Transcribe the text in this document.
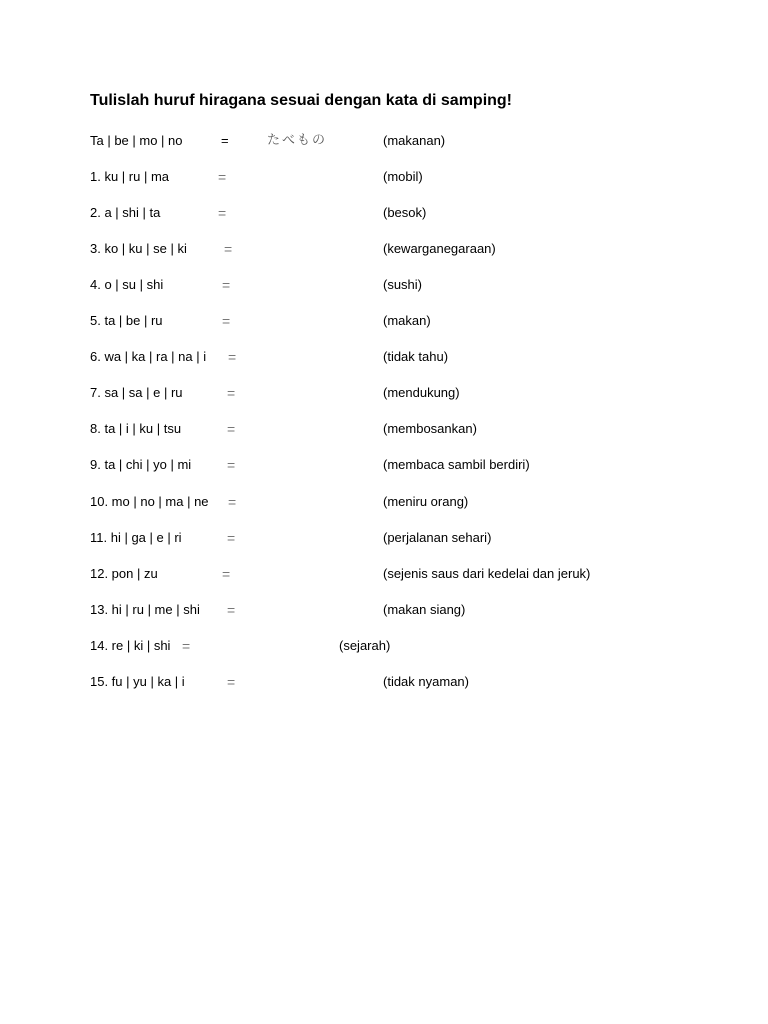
Tulislah huruf hiragana sesuai dengan kata di samping!
Ta | be | mo | no	=	たべもの	(makanan)
1. ku | ru | ma	=	(mobil)
2. a | shi | ta	=	(besok)
3. ko | ku | se | ki	=	(kewarganegaraan)
4. o | su | shi	=	(sushi)
5. ta | be | ru	=	(makan)
6. wa | ka | ra | na | i =	(tidak tahu)
7. sa | sa | e | ru	=	(mendukung)
8. ta | i | ku | tsu	=	(membosankan)
9. ta | chi | yo | mi	=	(membaca sambil berdiri)
10. mo | no | ma | ne =	(meniru orang)
11. hi | ga | e | ri	=	(perjalanan sehari)
12. pon | zu	=	(sejenis saus dari kedelai dan jeruk)
13. hi | ru | me | shi =	(makan siang)
14. re | ki | shi =	(sejarah)
15. fu | yu | ka | i	=	(tidak nyaman)
